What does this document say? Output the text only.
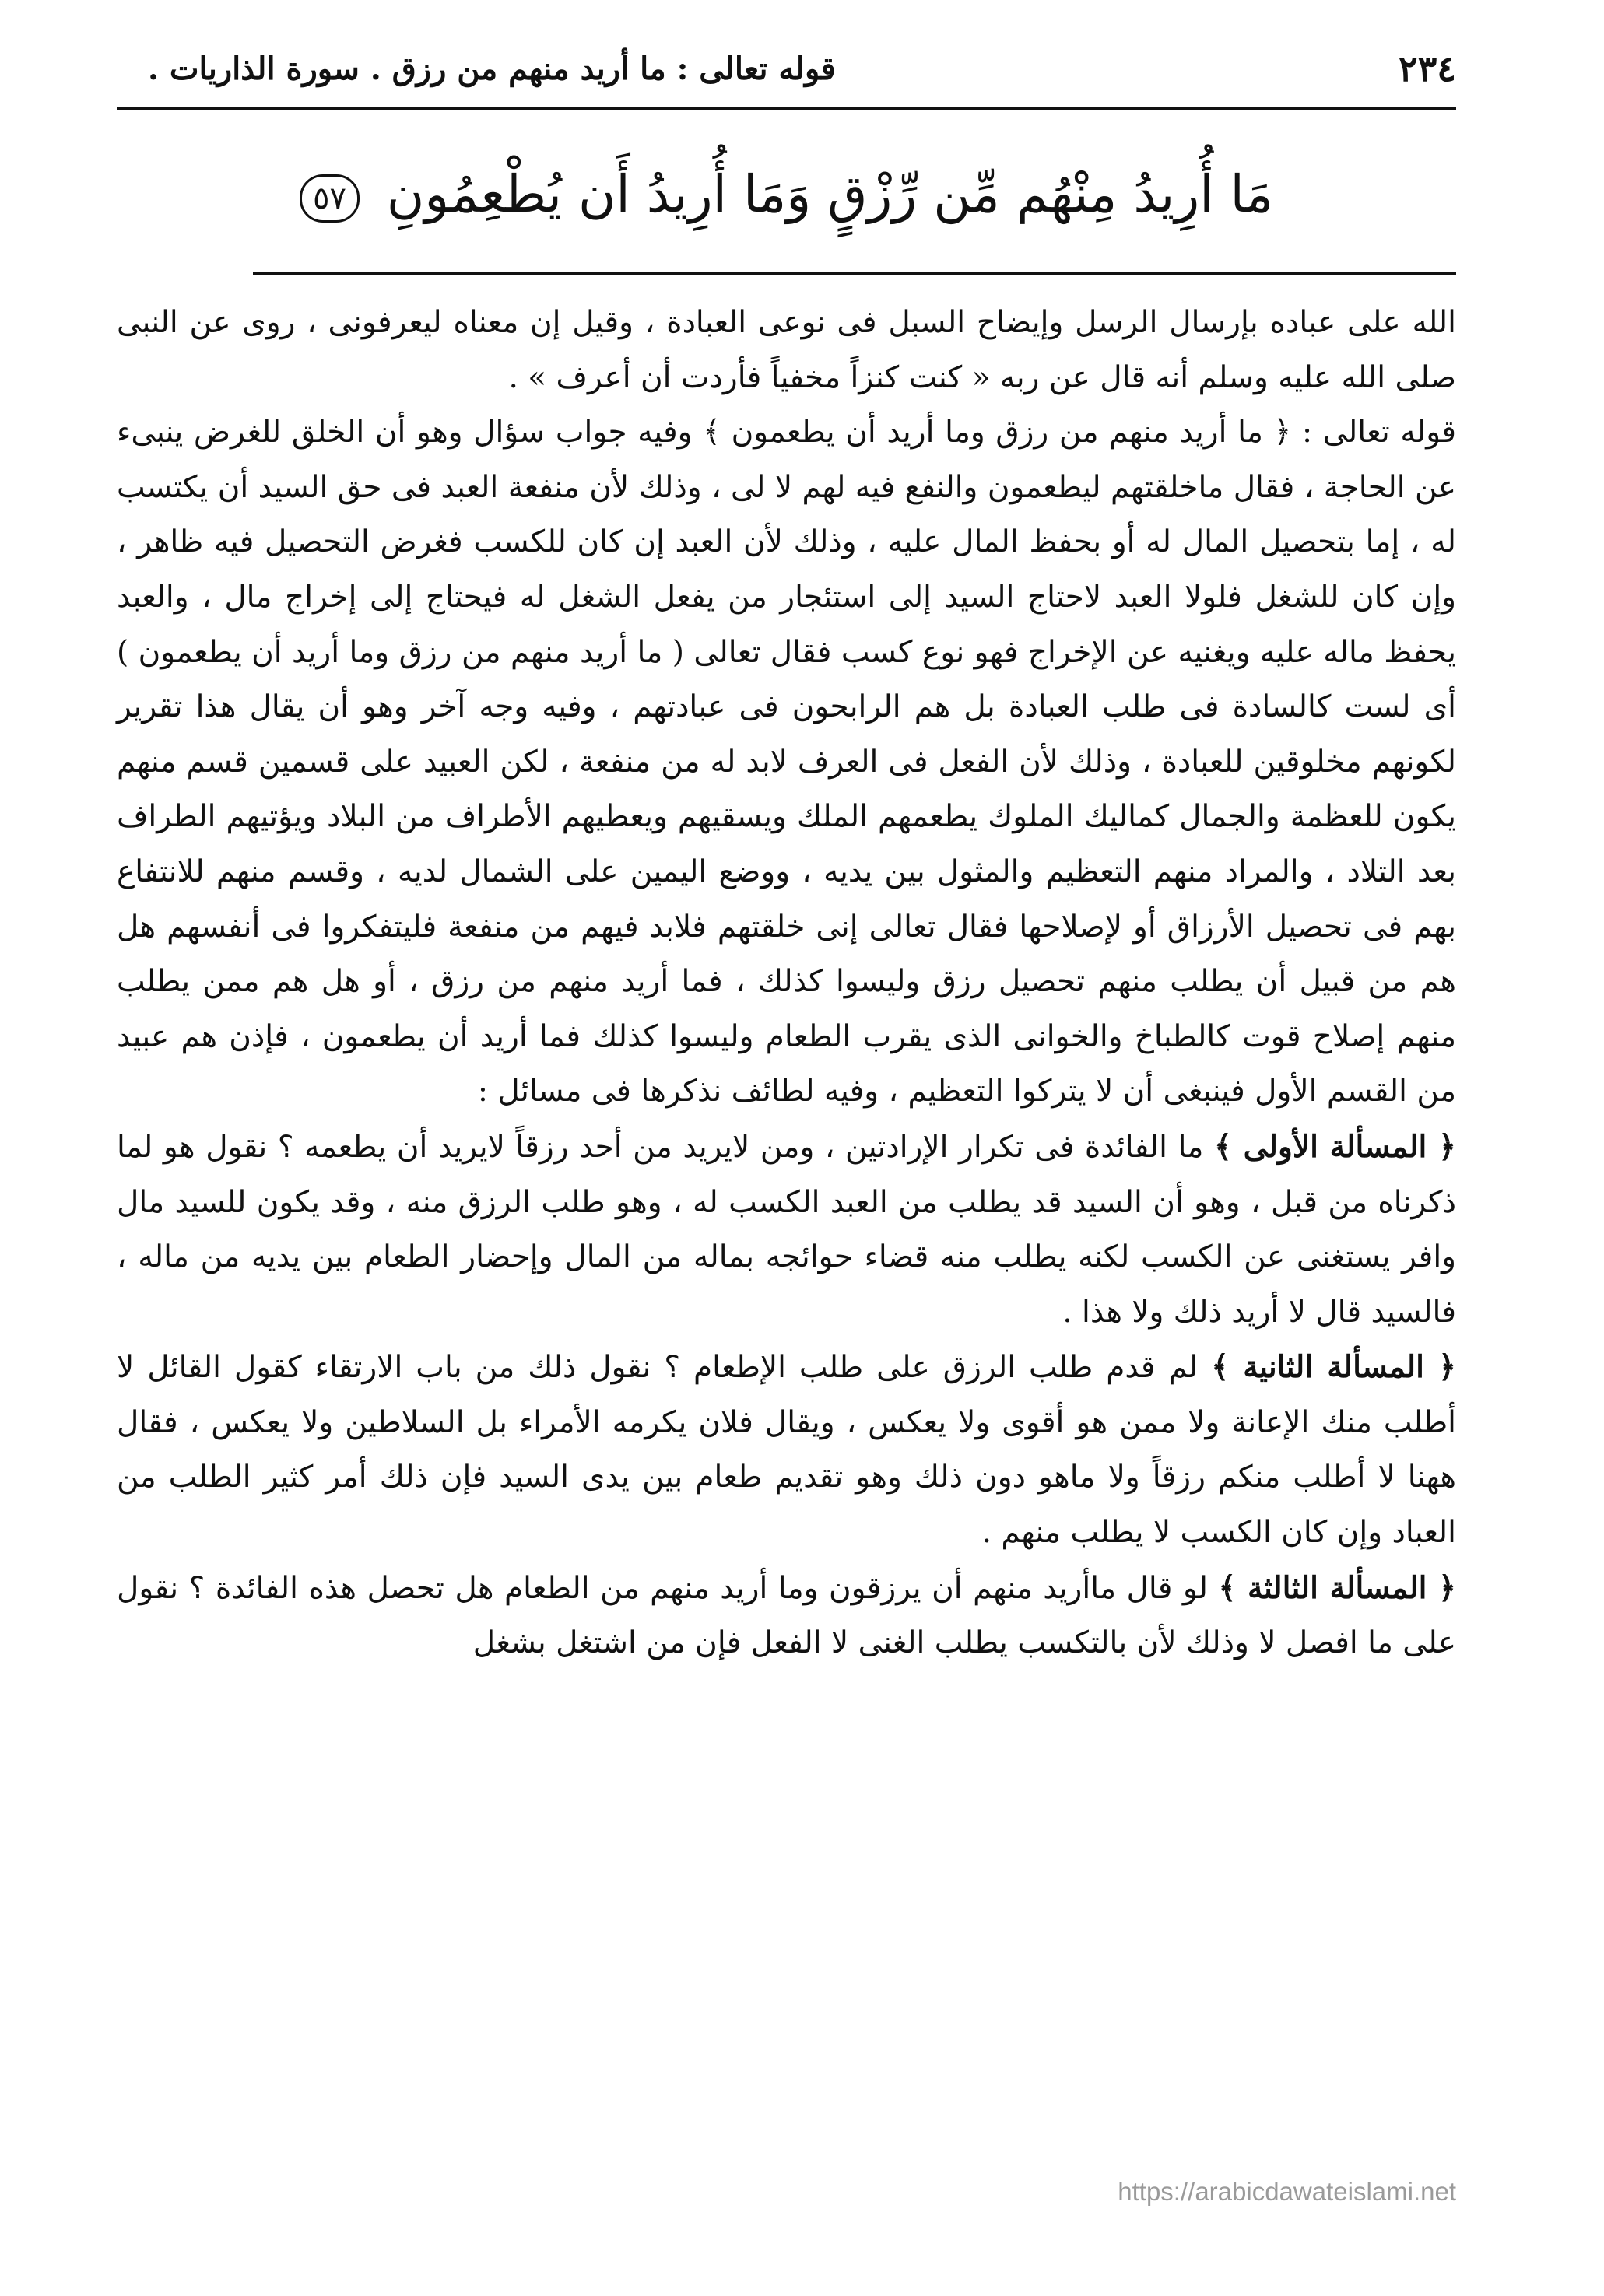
٢٣٤
قوله تعالى : ما أريد منهم من رزق . سورة الذاريات .
مَا أُرِيدُ مِنْهُم مِّن رِّزْقٍ وَمَا أُرِيدُ أَن يُطْعِمُونِ ٥٧

الله على عباده بإرسال الرسل وإيضاح السبل فى نوعى العبادة ، وقيل إن معناه ليعرفونى ، روى عن النبى صلى الله عليه وسلم أنه قال عن ربه « كنت كنزاً مخفياً فأردت أن أعرف » .

قوله تعالى : ﴿ ما أريد منهم من رزق وما أريد أن يطعمون ﴾ وفيه جواب سؤال وهو أن الخلق للغرض ينبىء عن الحاجة ، فقال ماخلقتهم ليطعمون والنفع فيه لهم لا لى ، وذلك لأن منفعة العبد فى حق السيد أن يكتسب له ، إما بتحصيل المال له أو بحفظ المال عليه ، وذلك لأن العبد إن كان للكسب فغرض التحصيل فيه ظاهر ، وإن كان للشغل فلولا العبد لاحتاج السيد إلى استئجار من يفعل الشغل له فيحتاج إلى إخراج مال ، والعبد يحفظ ماله عليه ويغنيه عن الإخراج فهو نوع كسب فقال تعالى ( ما أريد منهم من رزق وما أريد أن يطعمون ) أى لست كالسادة فى طلب العبادة بل هم الرابحون فى عبادتهم ، وفيه وجه آخر وهو أن يقال هذا تقرير لكونهم مخلوقين للعبادة ، وذلك لأن الفعل فى العرف لابد له من منفعة ، لكن العبيد على قسمين قسم منهم يكون للعظمة والجمال كماليك الملوك يطعمهم الملك ويسقيهم ويعطيهم الأطراف من البلاد ويؤتيهم الطراف بعد التلاد ، والمراد منهم التعظيم والمثول بين يديه ، ووضع اليمين على الشمال لديه ، وقسم منهم للانتفاع بهم فى تحصيل الأرزاق أو لإصلاحها فقال تعالى إنى خلقتهم فلابد فيهم من منفعة فليتفكروا فى أنفسهم هل هم من قبيل أن يطلب منهم تحصيل رزق وليسوا كذلك ، فما أريد منهم من رزق ، أو هل هم ممن يطلب منهم إصلاح قوت كالطباخ والخوانى الذى يقرب الطعام وليسوا كذلك فما أريد أن يطعمون ، فإذن هم عبيد من القسم الأول فينبغى أن لا يتركوا التعظيم ، وفيه لطائف نذكرها فى مسائل :

﴿ المسألة الأولى ﴾ ما الفائدة فى تكرار الإرادتين ، ومن لايريد من أحد رزقاً لايريد أن يطعمه ؟ نقول هو لما ذكرناه من قبل ، وهو أن السيد قد يطلب من العبد الكسب له ، وهو طلب الرزق منه ، وقد يكون للسيد مال وافر يستغنى عن الكسب لكنه يطلب منه قضاء حوائجه بماله من المال وإحضار الطعام بين يديه من ماله ، فالسيد قال لا أريد ذلك ولا هذا .

﴿ المسألة الثانية ﴾ لم قدم طلب الرزق على طلب الإطعام ؟ نقول ذلك من باب الارتقاء كقول القائل لا أطلب منك الإعانة ولا ممن هو أقوى ولا يعكس ، ويقال فلان يكرمه الأمراء بل السلاطين ولا يعكس ، فقال ههنا لا أطلب منكم رزقاً ولا ماهو دون ذلك وهو تقديم طعام بين يدى السيد فإن ذلك أمر كثير الطلب من العباد وإن كان الكسب لا يطلب منهم .

﴿ المسألة الثالثة ﴾ لو قال ماأريد منهم أن يرزقون وما أريد منهم من الطعام هل تحصل هذه الفائدة ؟ نقول على ما افصل لا وذلك لأن بالتكسب يطلب الغنى لا الفعل فإن من اشتغل بشغل

https://arabicdawateislami.net
